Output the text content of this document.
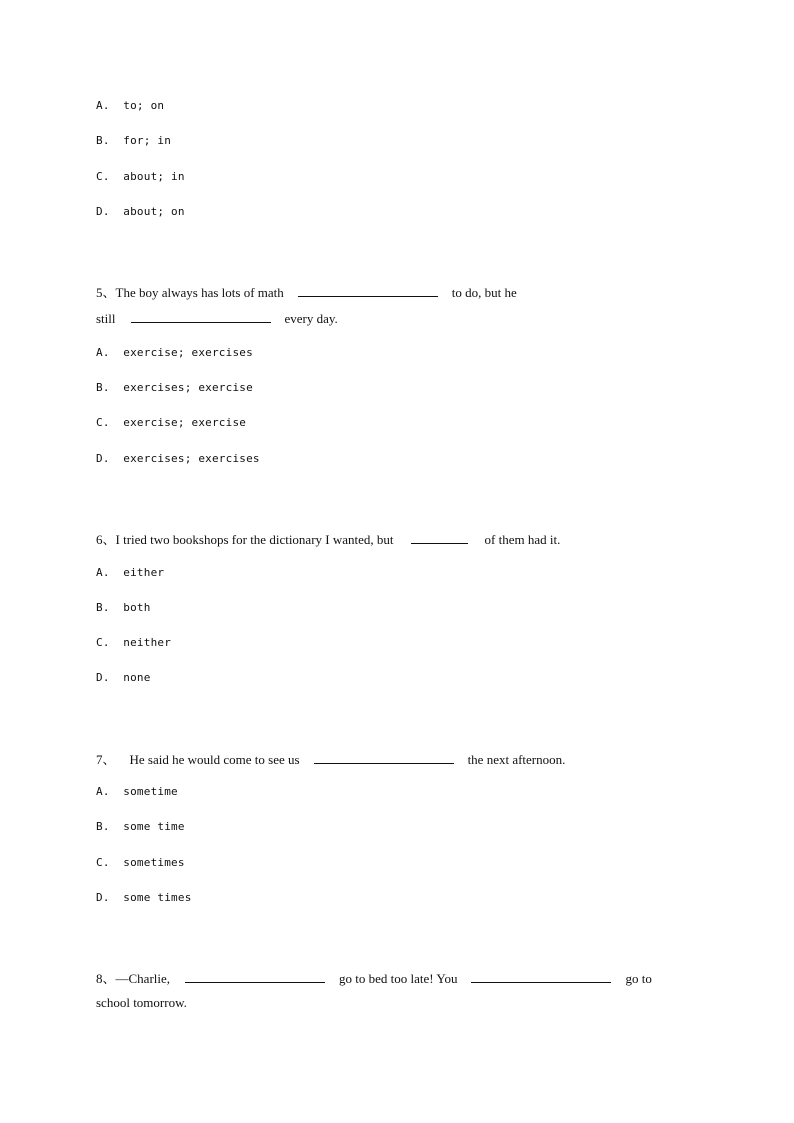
A.  to; on
B.  for; in
C.  about; in
D.  about; on
5、The boy always has lots of math	to do, but he
still	every day.
A.  exercise; exercises
B.  exercises; exercise
C.  exercise; exercise
D.  exercises; exercises
6、I tried two bookshops for the dictionary I wanted, but	of them had it.
A.  either
B.  both
C.  neither
D.  none
7、 He said he would come to see us	the next afternoon.
A.  sometime
B.  some time
C.  sometimes
D.  some times
8、—Charlie,	go to bed too late! You	go to
school tomorrow.
